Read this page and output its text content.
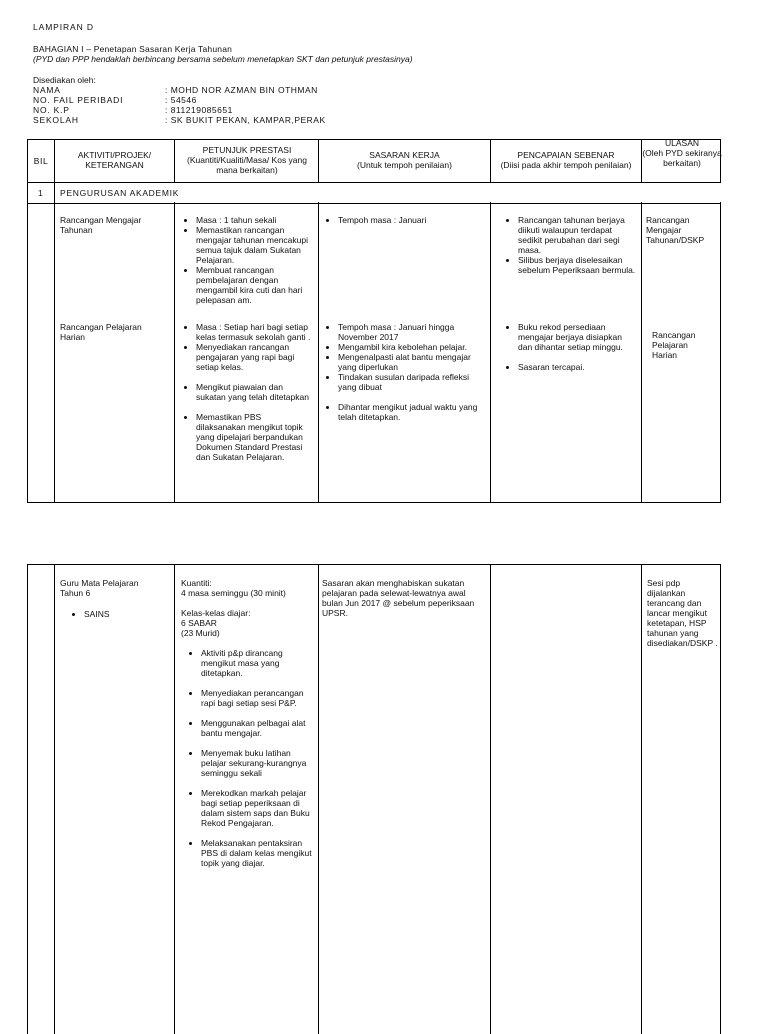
LAMPIRAN D
BAHAGIAN I – Penetapan Sasaran Kerja Tahunan
(PYD dan PPP hendaklah berbincang bersama sebelum menetapkan SKT dan petunjuk prestasinya)
Disediakan oleh:
NAMA	: MOHD NOR AZMAN BIN OTHMAN
NO. FAIL PERIBADI	: 54546
NO. K.P	: 811219085651
SEKOLAH	: SK BUKIT PEKAN, KAMPAR,PERAK
BIL
AKTIVITI/PROJEK/
KETERANGAN
PETUNJUK PRESTASI
(Kuantiti/Kualiti/Masa/ Kos yang mana berkaitan)
SASARAN KERJA
(Untuk tempoh penilaian)
PENCAPAIAN SEBENAR
(Diisi pada akhir tempoh penilaian)
ULASAN
(Oleh PYD sekiranya berkaitan)
1 PENGURUSAN AKADEMIK
Rancangan Mengajar Tahunan
• Masa : 1 tahun sekali
• Memastikan rancangan mengajar tahunan mencakupi semua tajuk dalam Sukatan Pelajaran.
• Membuat rancangan pembelajaran dengan mengambil kira cuti dan hari pelepasan am.
• Tempoh masa : Januari
•	Rancangan tahunan berjaya diikuti walaupun terdapat sedikit perubahan dari segi masa.
• Silibus berjaya diselesaikan sebelum Peperiksaan bermula.
Rancangan Mengajar Tahunan/DSKP
Rancangan Pelajaran Harian
• Masa : Setiap hari bagi setiap kelas termasuk sekolah ganti .
• Menyediakan rancangan pengajaran yang rapi bagi setiap kelas.
• Mengikut piawaian dan sukatan yang telah ditetapkan
• Memastikan PBS dilaksanakan mengikut topik yang dipelajari berpandukan Dokumen Standard Prestasi dan Sukatan Pelajaran.
• Tempoh masa : Januari hingga November 2017
• Mengambil kira kebolehan pelajar.
• Mengenalpasti alat bantu mengajar yang diperlukan
• Tindakan susulan daripada refleksi yang dibuat
• Dihantar mengikut jadual waktu yang telah ditetapkan.
• Buku rekod persediaan mengajar berjaya disiapkan dan dihantar setiap minggu.
• Sasaran tercapai.
Rancangan Pelajaran Harian
Guru Mata Pelajaran Tahun 6
• SAINS
Kuantiti:
4 masa seminggu (30 minit)
Kelas-kelas diajar:
6 SABAR
(23 Murid)
• Aktiviti p&p dirancang mengikut masa yang ditetapkan.
• Menyediakan perancangan rapi bagi setiap sesi P&P.
• Menggunakan pelbagai alat bantu mengajar.
• Menyemak buku latihan pelajar sekurang-kurangnya seminggu sekali
• Merekodkan markah pelajar bagi setiap peperiksaan di dalam sistem saps dan Buku Rekod Pengajaran.
• Melaksanakan pentaksiran PBS di dalam kelas mengikut topik yang diajar.
Sasaran akan menghabiskan sukatan pelajaran pada selewat-lewatnya awal bulan Jun 2017 @ sebelum peperiksaan UPSR.
Sesi pdp dijalankan terancang dan lancar mengikut ketetapan, HSP tahunan yang disediakan/DSKP .
